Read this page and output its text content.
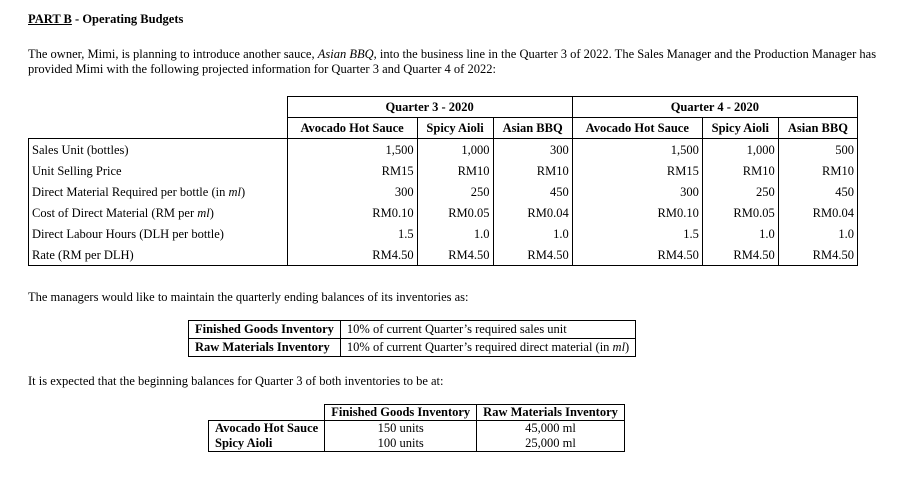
PART B - Operating Budgets
The owner, Mimi, is planning to introduce another sauce, Asian BBQ, into the business line in the Quarter 3 of 2022. The Sales Manager and the Production Manager has provided Mimi with the following projected information for Quarter 3 and Quarter 4 of 2022:
	Quarter 3 - 2020			Quarter 4 - 2020		
	Avocado Hot Sauce	Spicy Aioli	Asian BBQ	Avocado Hot Sauce	Spicy Aioli	Asian BBQ
Sales Unit (bottles)	1,500	1,000	300	1,500	1,000	500
Unit Selling Price	RM15	RM10	RM10	RM15	RM10	RM10
Direct Material Required per bottle (in ml)	300	250	450	300	250	450
Cost of Direct Material (RM per ml)	RM0.10	RM0.05	RM0.04	RM0.10	RM0.05	RM0.04
Direct Labour Hours (DLH per bottle)	1.5	1.0	1.0	1.5	1.0	1.0
Rate (RM per DLH)	RM4.50	RM4.50	RM4.50	RM4.50	RM4.50	RM4.50
The managers would like to maintain the quarterly ending balances of its inventories as:
Finished Goods Inventory	10% of current Quarter’s required sales unit
Raw Materials Inventory	10% of current Quarter’s required direct material (in ml)
It is expected that the beginning balances for Quarter 3 of both inventories to be at:
	Finished Goods Inventory	Raw Materials Inventory
Avocado Hot Sauce	150 units	45,000 ml
Spicy Aioli	100 units	25,000 ml
